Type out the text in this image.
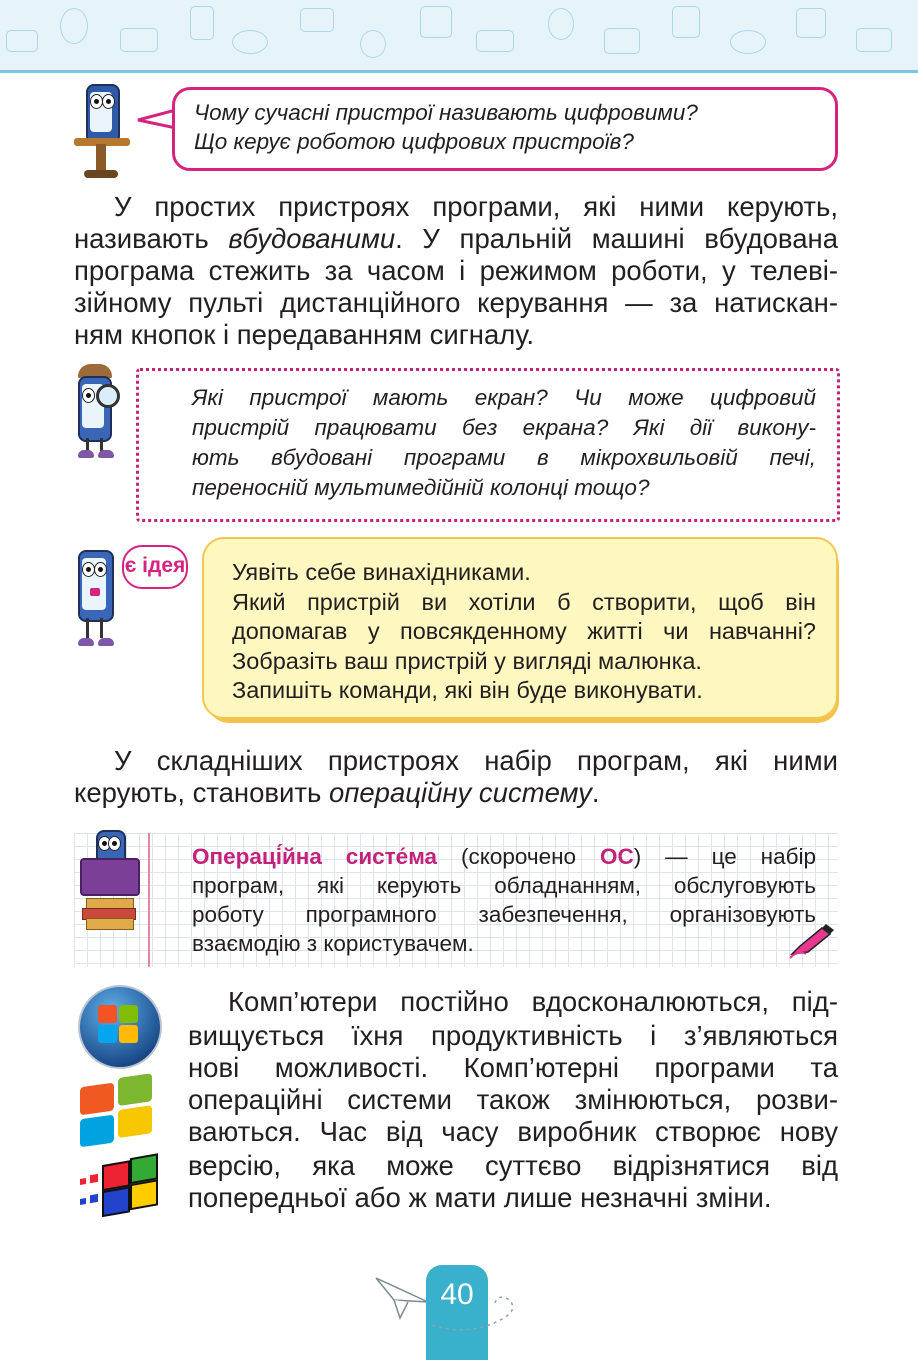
Чому сучасні пристрої називають цифровими?
Що керує роботою цифрових пристроїв?
У простих пристроях програми, які ними керують,
називають вбудованими. У пральній машині вбудована
програма стежить за часом і режимом роботи, у телеві-
зійному пульті дистанційного керування — за натискан-
ням кнопок і передаванням сигналу.
Які пристрої мають екран? Чи може цифровий
пристрій працювати без екрана? Які дії викону-
ють вбудовані програми в мікрохвильовій печі,
переносній мультимедійній колонці тощо?
є ідея Уявіть себе винахідниками.
Який пристрій ви хотіли б створити, щоб він
допомагав у повсякденному житті чи навчанні?
Зобразіть ваш пристрій у вигляді малюнка.
Запишіть команди, які він буде виконувати.
У складніших пристроях набір програм, які ними
керують, становить операційну систему.
Операці́йна систе́ма (скорочено ОС) — це набір
програм, які керують обладнанням, обслуговують
роботу програмного забезпечення, організовують
взаємодію з користувачем.
Комп’ютери постійно вдосконалюються, під-
вищується їхня продуктивність і з’являються
нові можливості. Комп’ютерні програми та
операційні системи також змінюються, розви-
ваються. Час від часу виробник створює нову
версію, яка може суттєво відрізнятися від
попередньої або ж мати лише незначні зміни.
40
